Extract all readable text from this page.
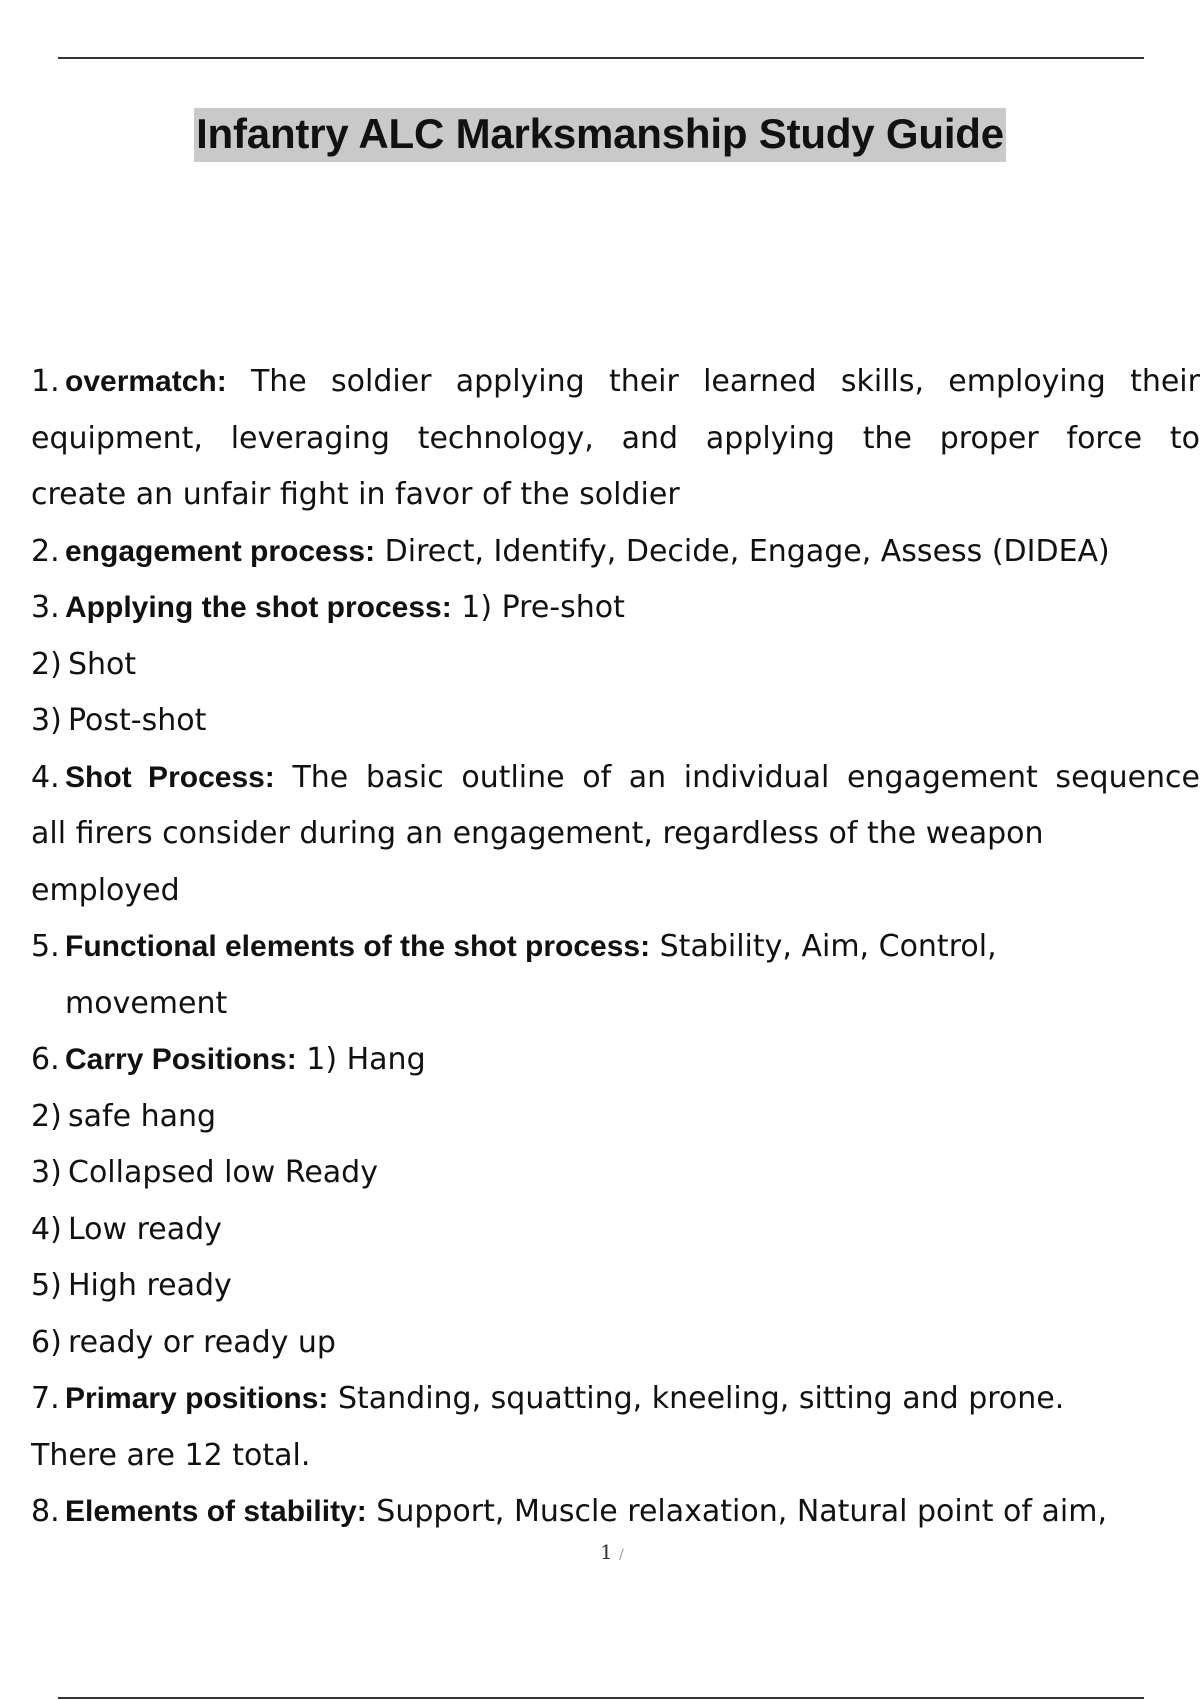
Infantry ALC Marksmanship Study Guide
1. overmatch: The soldier applying their learned skills, employing their
equipment, leveraging technology, and applying the proper force to
create an unfair fight in favor of the soldier
2. engagement process: Direct, Identify, Decide, Engage, Assess (DIDEA)
3. Applying the shot process: 1) Pre-shot
2) Shot
3) Post-shot
4. Shot Process: The basic outline of an individual engagement sequence
all firers consider during an engagement, regardless of the weapon
employed
5. Functional elements of the shot process: Stability, Aim, Control,
movement
6. Carry Positions: 1) Hang
2) safe hang
3) Collapsed low Ready
4) Low ready
5) High ready
6) ready or ready up
7. Primary positions: Standing, squatting, kneeling, sitting and prone.
There are 12 total.
8. Elements of stability: Support, Muscle relaxation, Natural point of aim,
1 /
